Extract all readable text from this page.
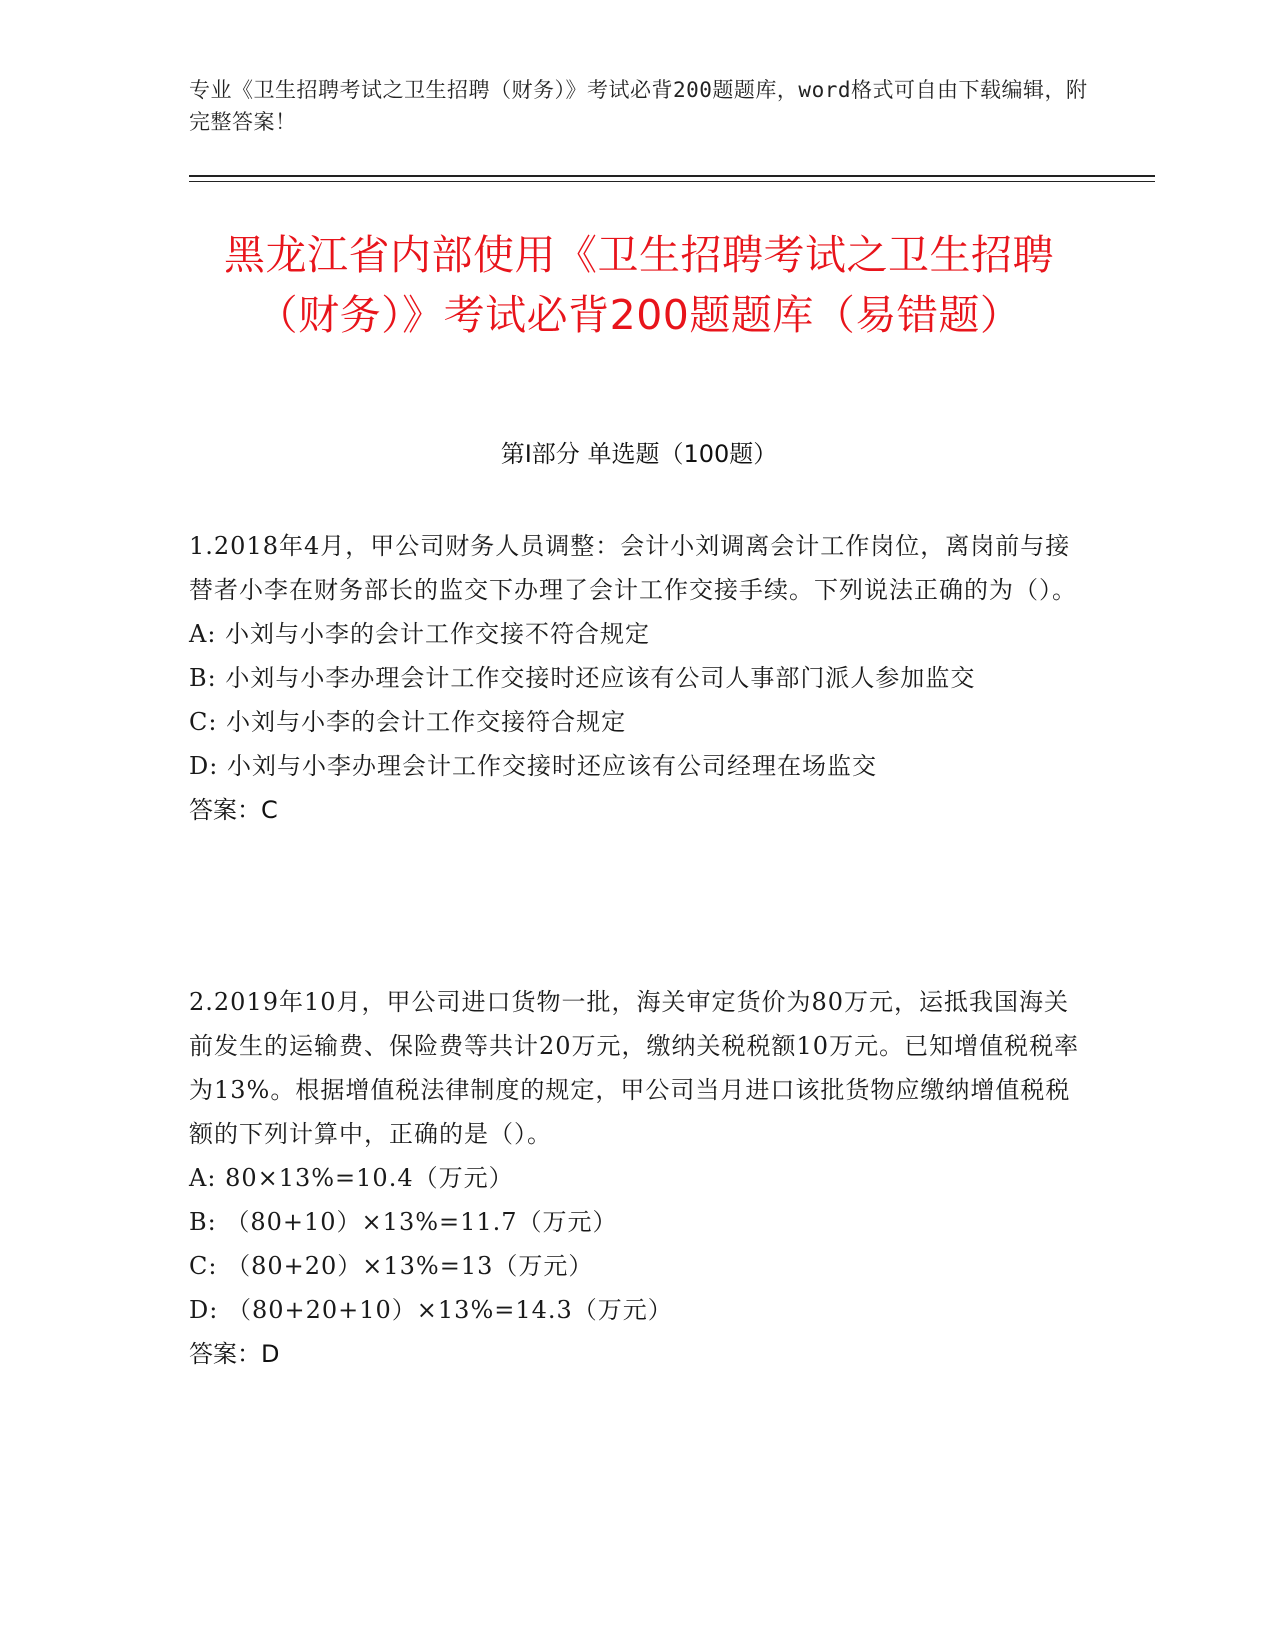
专业《卫生招聘考试之卫生招聘（财务）》考试必背200题题库，word格式可自由下载编辑，附完整答案！
黑龙江省内部使用《卫生招聘考试之卫生招聘（财务）》考试必背200题题库（易错题）
第I部分 单选题（100题）
1.2018年4月，甲公司财务人员调整：会计小刘调离会计工作岗位，离岗前与接替者小李在财务部长的监交下办理了会计工作交接手续。下列说法正确的为（）。
A: 小刘与小李的会计工作交接不符合规定
B: 小刘与小李办理会计工作交接时还应该有公司人事部门派人参加监交
C: 小刘与小李的会计工作交接符合规定
D: 小刘与小李办理会计工作交接时还应该有公司经理在场监交
答案：C
2.2019年10月，甲公司进口货物一批，海关审定货价为80万元，运抵我国海关前发生的运输费、保险费等共计20万元，缴纳关税税额10万元。已知增值税税率为13%。根据增值税法律制度的规定，甲公司当月进口该批货物应缴纳增值税税额的下列计算中，正确的是（）。
A: 80×13%=10.4（万元）
B: （80+10）×13%=11.7（万元）
C: （80+20）×13%=13（万元）
D: （80+20+10）×13%=14.3（万元）
答案：D
